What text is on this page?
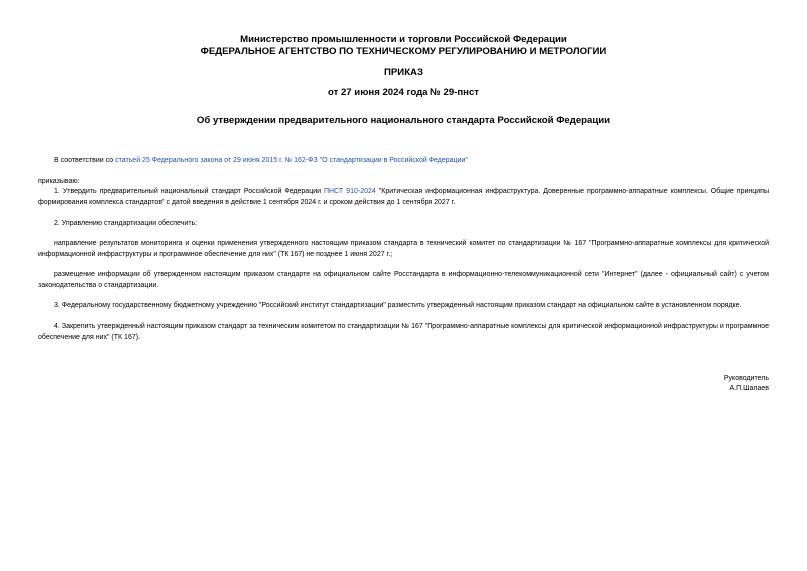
Министерство промышленности и торговли Российской Федерации
ФЕДЕРАЛЬНОЕ АГЕНТСТВО ПО ТЕХНИЧЕСКОМУ РЕГУЛИРОВАНИЮ И МЕТРОЛОГИИ
ПРИКАЗ
от 27 июня 2024 года № 29-пнст
Об утверждении предварительного национального стандарта Российской Федерации
В соответствии со статьей 25 Федерального закона от 29 июня 2015 г. № 162-ФЗ "О стандартизации в Российской Федерации"
приказываю:
1. Утвердить предварительный национальный стандарт Российской Федерации ПНСТ 910-2024 "Критическая информационная инфраструктура. Доверенные программно-аппаратные комплексы. Общие принципы формирования комплекса стандартов" с датой введения в действие 1 сентября 2024 г. и сроком действия до 1 сентября 2027 г.
2. Управлению стандартизации обеспечить:
направление результатов мониторинга и оценки применения утвержденного настоящим приказом стандарта в технический комитет по стандартизации № 167 "Программно-аппаратные комплексы для критической информационной инфраструктуры и программное обеспечение для них" (ТК 167) не позднее 1 июня 2027 г.;
размещение информации об утвержденном настоящим приказом стандарте на официальном сайте Росстандарта в информационно-телекоммуникационной сети "Интернет" (далее - официальный сайт) с учетом законодательства о стандартизации.
3. Федеральному государственному бюджетному учреждению "Российский институт стандартизации" разместить утвержденный настоящим приказом стандарт на официальном сайте в установленном порядке.
4. Закрепить утвержденный настоящим приказом стандарт за техническим комитетом по стандартизации № 167 "Программно-аппаратные комплексы для критической информационной инфраструктуры и программное обеспечение для них" (ТК 167).
Руководитель
А.П.Шалаев
